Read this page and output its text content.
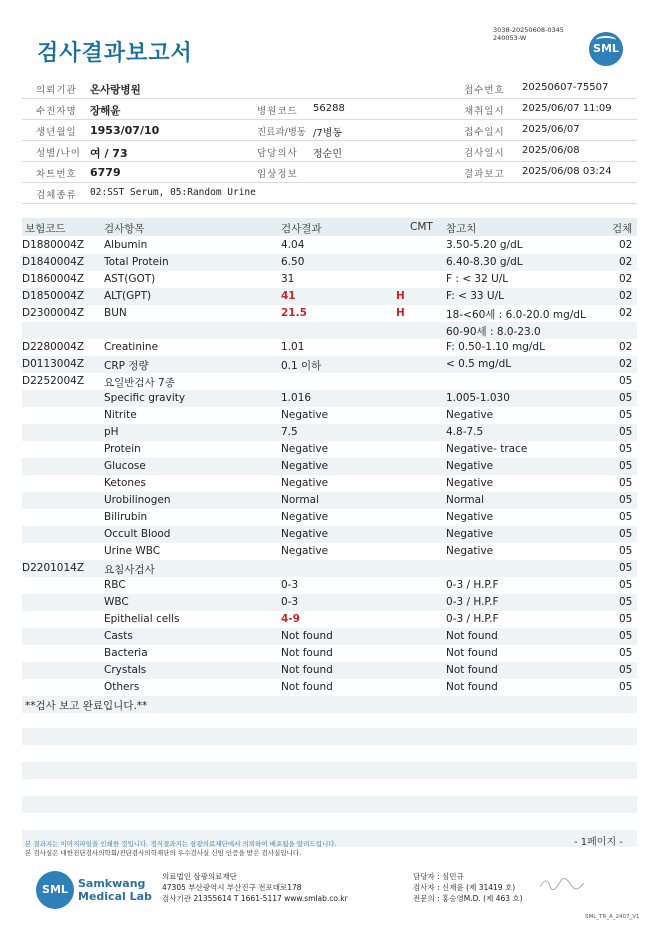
3038-20250608-0345
240053-W
검사결과보고서	SML
의뢰기관 온사랑병원	접수번호 20250607-75507
수진자명 장해윤	병원코드 56288	채취일시 2025/06/07 11:09
생년월일 1953/07/10	진료과/병동 /7병동	접수일시 2025/06/07
성별/나이 여 / 73	담당의사 정순민	검사일시 2025/06/08
차트번호 6779	임상정보	결과보고 2025/06/08 03:24
검체종류 02:SST Serum, 05:Random Urine
보험코드	검사항목	검사결과	CMT 참고치	검체
D1880004Z Albumin	4.04	3.50-5.20 g/dL	02
D1840004Z Total Protein	6.50	6.40-8.30 g/dL	02
D1860004Z AST(GOT)	31	F : < 32 U/L	02
D1850004Z ALT(GPT)	41	H	F: < 33 U/L	02
D2300004Z BUN	21.5	H	18-<60세 : 6.0-20.0 mg/dL	02
60-90세 : 8.0-23.0
D2280004Z Creatinine	1.01	F: 0.50-1.10 mg/dL	02
D0113004Z CRP 정량	0.1 이하	< 0.5 mg/dL	02
D2252004Z 요일반검사 7종	05
Specific gravity	1.016	1.005-1.030	05
Nitrite	Negative	Negative	05
pH	7.5	4.8-7.5	05
Protein	Negative	Negative- trace	05
Glucose	Negative	Negative	05
Ketones	Negative	Negative	05
Urobilinogen	Normal	Normal	05
Bilirubin	Negative	Negative	05
Occult Blood	Negative	Negative	05
Urine WBC	Negative	Negative	05
D2201014Z 요침사검사	05
RBC	0-3	0-3 / H.P.F	05
WBC	0-3	0-3 / H.P.F	05
Epithelial cells	4-9	0-3 / H.P.F	05
Casts	Not found	Not found	05
Bacteria	Not found	Not found	05
Crystals	Not found	Not found	05
Others	Not found	Not found	05
**검사 보고 완료입니다.**
- 1페이지 -
본 결과지는 이미지파일을 인쇄한 것입니다. 정식결과지는 삼광의료재단에서 의뢰하여 배포됨을 알려드립니다.
본 검사실은 대한진단검사의학회/진단검사의학재단의 우수검사실 신임 인증을 받은 검사실입니다.
SML Samkwang
Medical Lab
의료법인 삼광의료재단
47305 부산광역시 부산진구 전포대로178
검사기관 21355614 T 1661-5117 www.smlab.co.kr
담당자 : 심민규
검사자 : 신재윤 (제 31419 호)
전문의 : 홍승영M.D. (제 463 호)
SML_TR_A_2407_V1
